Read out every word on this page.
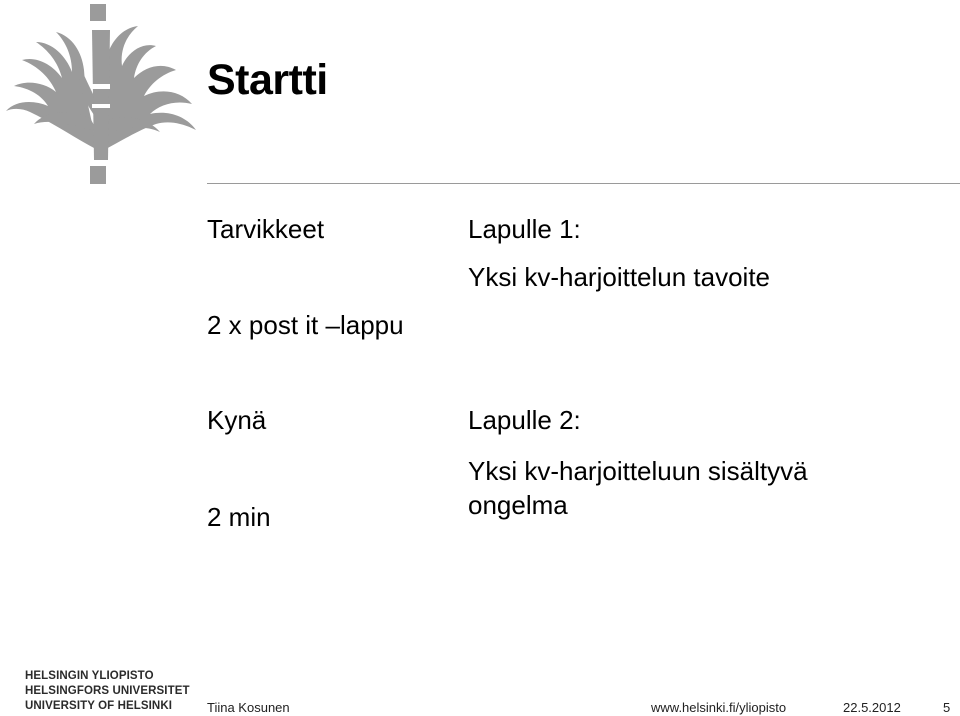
Startti
Tarvikkeet
2 x post it –lappu
Kynä
2 min
Lapulle 1:
Yksi kv-harjoittelun tavoite
Lapulle 2:
Yksi kv-harjoitteluun sisältyvä ongelma
HELSINGIN YLIOPISTO
HELSINGFORS UNIVERSITET
UNIVERSITY OF HELSINKI	Tiina Kosunen	www.helsinki.fi/yliopisto	22.5.2012	5
